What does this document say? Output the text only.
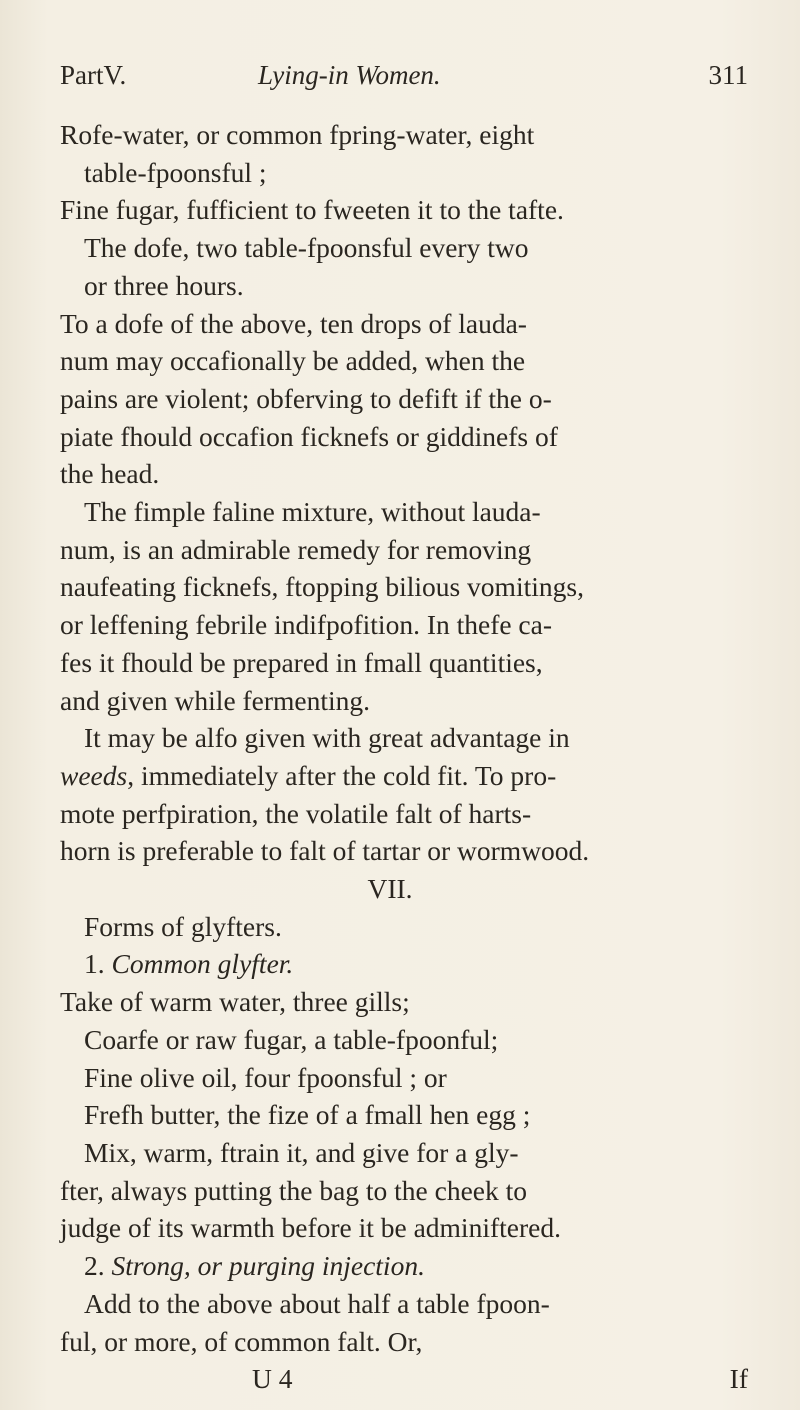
PartV.	Lying-in Women.	311

Rofe-water, or common fpring-water, eight

table-fpoonsful ;

Fine fugar, fufficient to fweeten it to the tafte.

The dofe, two table-fpoonsful every two

or three hours.

To a dofe of the above, ten drops of lauda-

num may occafionally be added, when the

pains are violent; obferving to defift if the o-

piate fhould occafion ficknefs or giddinefs of

the head.

The fimple faline mixture, without lauda-

num, is an admirable remedy for removing

naufeating ficknefs, ftopping bilious vomitings,

or leffening febrile indifpofition. In thefe ca-

fes it fhould be prepared in fmall quantities,

and given while fermenting.

It may be alfo given with great advantage in

weeds, immediately after the cold fit. To pro-

mote perfpiration, the volatile falt of harts-

horn is preferable to falt of tartar or wormwood.

VII.

Forms of glyfters.

1. Common glyfter.

Take of warm water, three gills;

Coarfe or raw fugar, a table-fpoonful;

Fine olive oil, four fpoonsful ; or

Frefh butter, the fize of a fmall hen egg ;

Mix, warm, ftrain it, and give for a gly-

fter, always putting the bag to the cheek to

judge of its warmth before it be adminiftered.

2. Strong, or purging injection.

Add to the above about half a table fpoon-

ful, or more, of common falt. Or,

U 4	If
